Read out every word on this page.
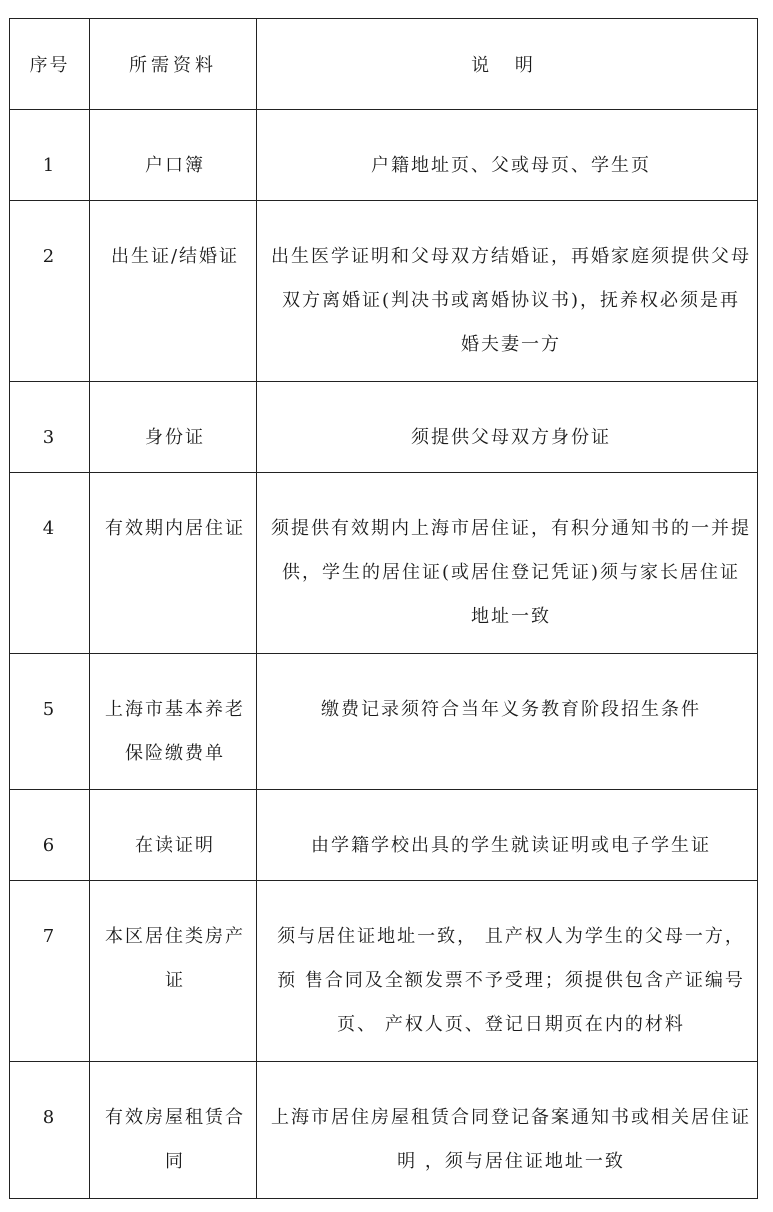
序号	所需资料	说 明

1	户口簿	户籍地址页、父或母页、学生页

2	出生证/结婚证	出生医学证明和父母双方结婚证，再婚家庭须提供父母 双方离婚证(判决书或离婚协议书)，抚养权必须是再 婚夫妻一方

3	身份证	须提供父母双方身份证

4	有效期内居住证	须提供有效期内上海市居住证，有积分通知书的一并提 供，学生的居住证(或居住登记凭证)须与家长居住证 地址一致

5	上海市基本养老保险缴费单	缴费记录须符合当年义务教育阶段招生条件

6	在读证明	由学籍学校出具的学生就读证明或电子学生证

7	本区居住类房产证	须与居住证地址一致， 且产权人为学生的父母一方，预 售合同及全额发票不予受理；须提供包含产证编号页、 产权人页、登记日期页在内的材料

8	有效房屋租赁合同	上海市居住房屋租赁合同登记备案通知书或相关居住证 明 ，须与居住证地址一致
